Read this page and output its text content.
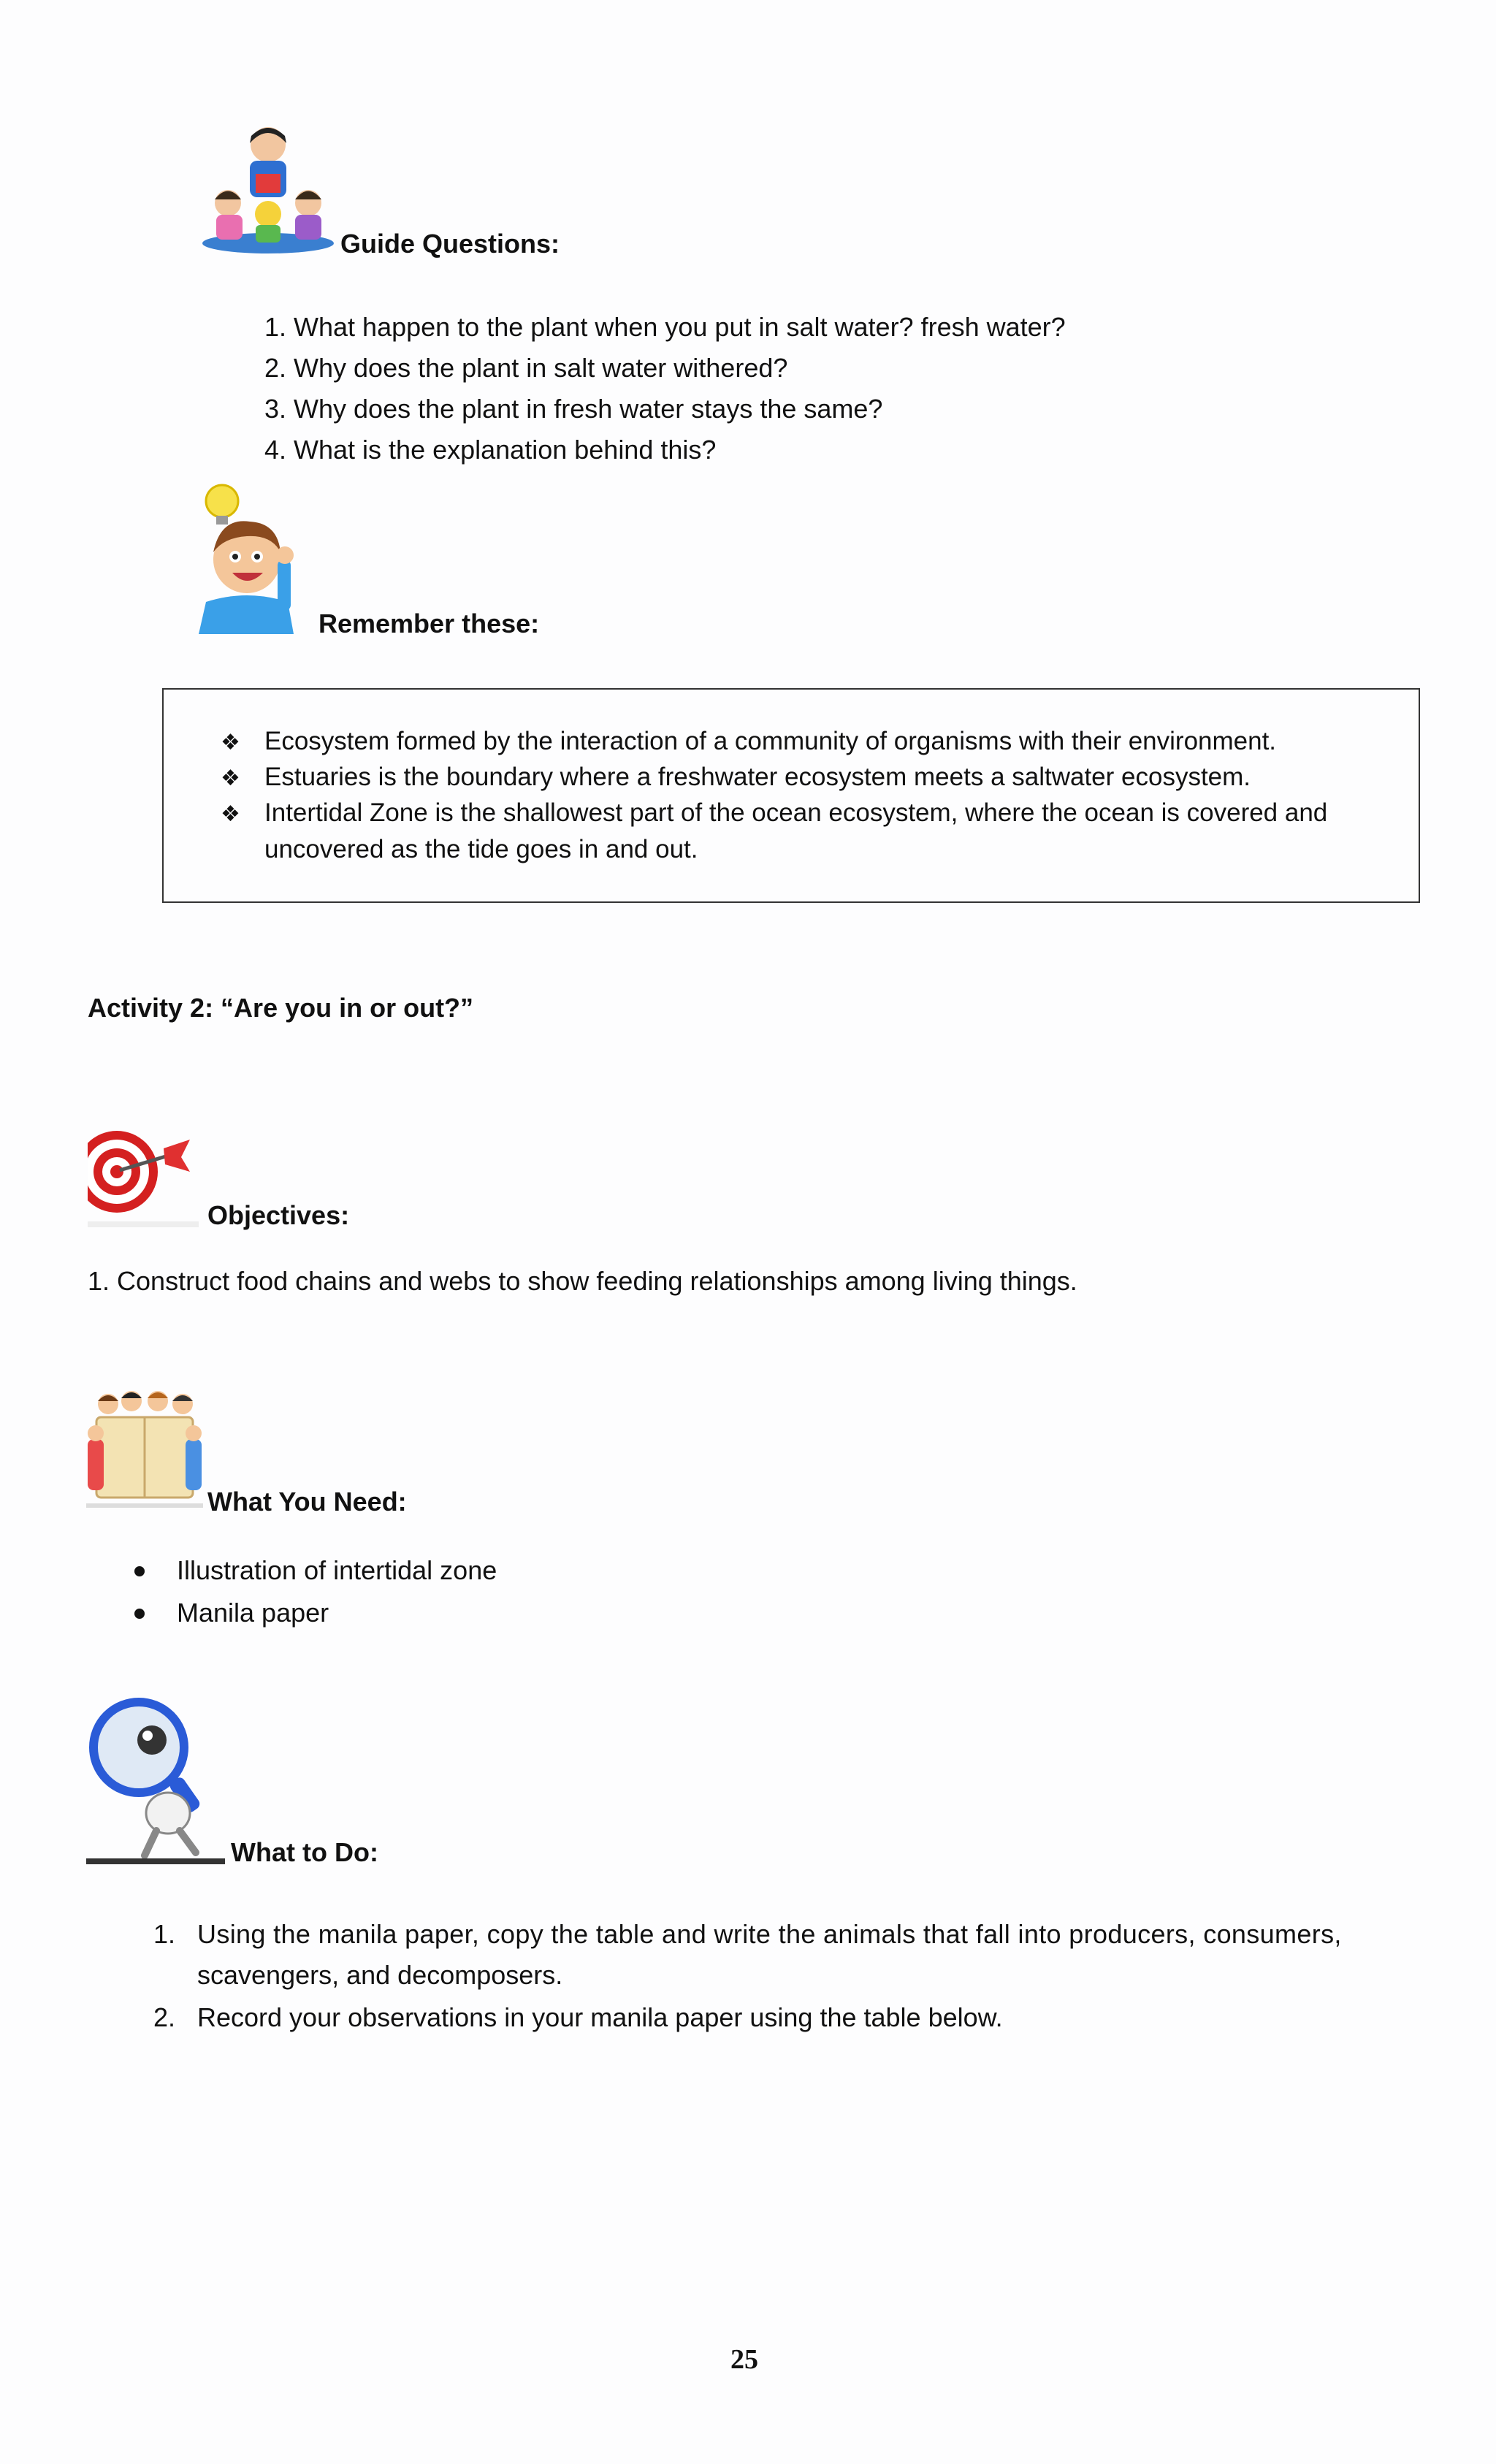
Guide Questions:
1. What happen to the plant when you put in salt water? fresh water?
2. Why does the plant in salt water withered?
3. Why does the plant in fresh water stays the same?
4. What is the explanation behind this?
Remember these:
❖ Ecosystem formed by the interaction of a community of organisms with their environment.
❖ Estuaries is the boundary where a freshwater ecosystem meets a saltwater ecosystem.
❖ Intertidal Zone is the shallowest part of the ocean ecosystem, where the ocean is covered and
uncovered as the tide goes in and out.
Activity 2: “Are you in or out?”
Objectives:
1. Construct food chains and webs to show feeding relationships among living things.
What You Need:
Illustration of intertidal zone
Manila paper
What to Do:
1. Using the manila paper, copy the table and write the animals that fall into producers, consumers,
scavengers, and decomposers.
2. Record your observations in your manila paper using the table below.
25
